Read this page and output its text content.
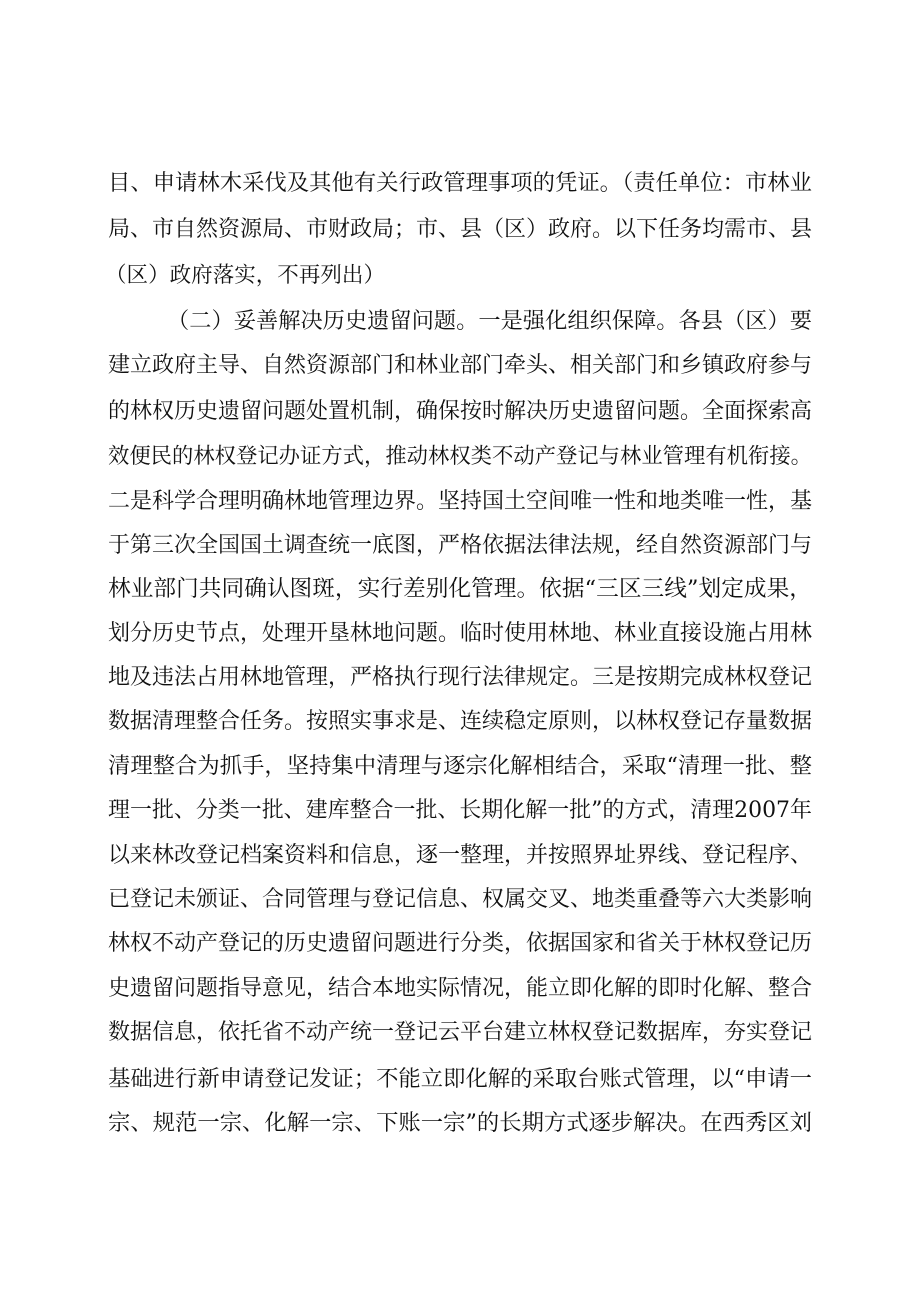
目、申请林木采伐及其他有关行政管理事项的凭证。（责任单位：市林业
局、市自然资源局、市财政局；市、县（区）政府。以下任务均需市、县
（区）政府落实，不再列出）
（二）妥善解决历史遗留问题。一是强化组织保障。各县（区）要
建立政府主导、自然资源部门和林业部门牵头、相关部门和乡镇政府参与
的林权历史遗留问题处置机制，确保按时解决历史遗留问题。全面探索高
效便民的林权登记办证方式，推动林权类不动产登记与林业管理有机衔接。
二是科学合理明确林地管理边界。坚持国土空间唯一性和地类唯一性，基
于第三次全国国土调查统一底图，严格依据法律法规，经自然资源部门与
林业部门共同确认图斑，实行差别化管理。依据“三区三线”划定成果，
划分历史节点，处理开垦林地问题。临时使用林地、林业直接设施占用林
地及违法占用林地管理，严格执行现行法律规定。三是按期完成林权登记
数据清理整合任务。按照实事求是、连续稳定原则，以林权登记存量数据
清理整合为抓手，坚持集中清理与逐宗化解相结合，采取“清理一批、整
理一批、分类一批、建库整合一批、长期化解一批”的方式，清理2007年
以来林改登记档案资料和信息，逐一整理，并按照界址界线、登记程序、
已登记未颁证、合同管理与登记信息、权属交叉、地类重叠等六大类影响
林权不动产登记的历史遗留问题进行分类，依据国家和省关于林权登记历
史遗留问题指导意见，结合本地实际情况，能立即化解的即时化解、整合
数据信息，依托省不动产统一登记云平台建立林权登记数据库，夯实登记
基础进行新申请登记发证；不能立即化解的采取台账式管理，以“申请一
宗、规范一宗、化解一宗、下账一宗”的长期方式逐步解决。在西秀区刘
